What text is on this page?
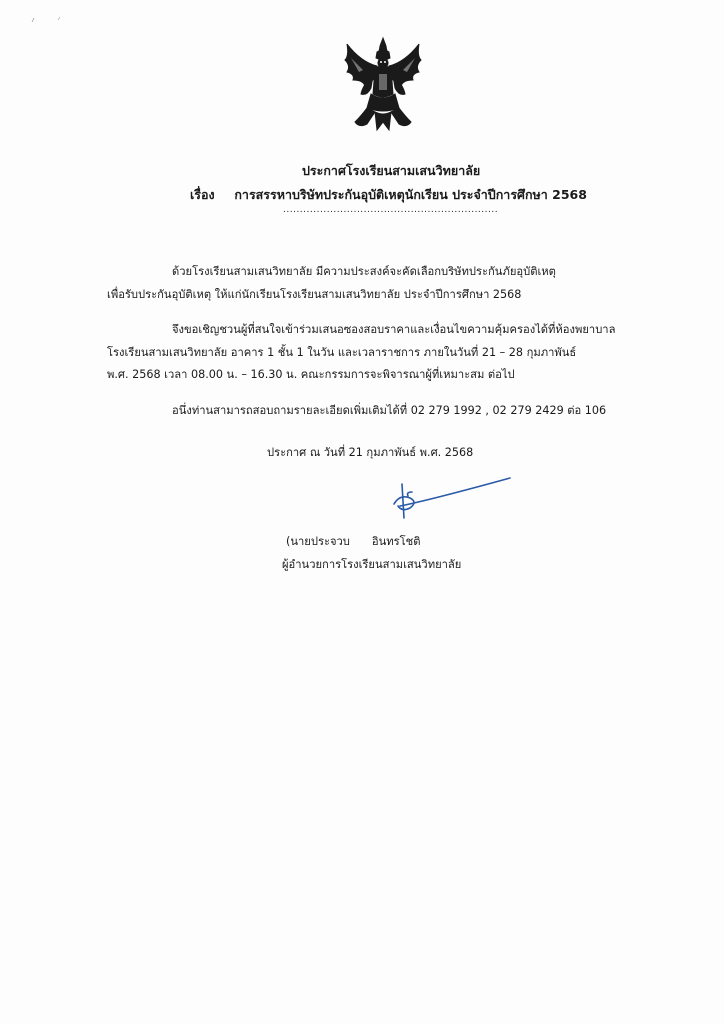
ประกาศโรงเรียนสามเสนวิทยาลัย
เรื่อง การสรรหาบริษัทประกันอุบัติเหตุนักเรียน ประจำปีการศึกษา 2568
................................................................
ด้วยโรงเรียนสามเสนวิทยาลัย มีความประสงค์จะคัดเลือกบริษัทประกันภัยอุบัติเหตุ
เพื่อรับประกันอุบัติเหตุ ให้แก่นักเรียนโรงเรียนสามเสนวิทยาลัย ประจำปีการศึกษา 2568
จึงขอเชิญชวนผู้ที่สนใจเข้าร่วมเสนอซองสอบราคาและเงื่อนไขความคุ้มครองได้ที่ห้องพยาบาล
โรงเรียนสามเสนวิทยาลัย อาคาร 1 ชั้น 1 ในวัน และเวลาราชการ ภายในวันที่ 21 – 28 กุมภาพันธ์
พ.ศ. 2568 เวลา 08.00 น. – 16.30 น. คณะกรรมการจะพิจารณาผู้ที่เหมาะสม ต่อไป
อนึ่งท่านสามารถสอบถามรายละเอียดเพิ่มเติมได้ที่ 02 279 1992 , 02 279 2429 ต่อ 106
ประกาศ ณ วันที่ 21 กุมภาพันธ์ พ.ศ. 2568
(นายประจวบ อินทรโชติ
ผู้อำนวยการโรงเรียนสามเสนวิทยาลัย
